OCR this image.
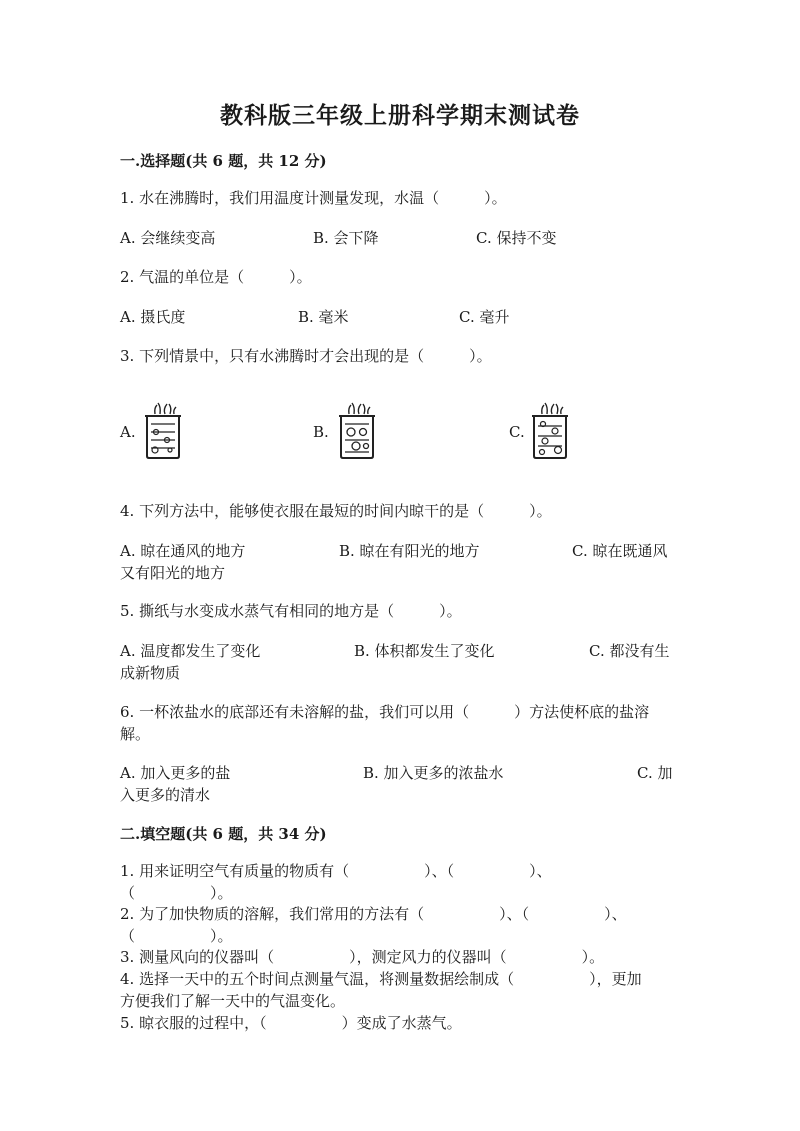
教科版三年级上册科学期末测试卷
一.选择题(共 6 题，共 12 分)
1. 水在沸腾时，我们用温度计测量发现，水温（　　　）。
A. 会继续变高	B. 会下降	C. 保持不变
2. 气温的单位是（　　　）。
A. 摄氏度	B. 毫米	C. 毫升
3. 下列情景中，只有水沸腾时才会出现的是（　　　）。
A.	B.	C.
4. 下列方法中，能够使衣服在最短的时间内晾干的是（　　　）。
A. 晾在通风的地方	B. 晾在有阳光的地方	C. 晾在既通风
又有阳光的地方
5. 撕纸与水变成水蒸气有相同的地方是（　　　）。
A. 温度都发生了变化	B. 体积都发生了变化	C. 都没有生
成新物质
6. 一杯浓盐水的底部还有未溶解的盐，我们可以用（　　　）方法使杯底的盐溶
解。
A. 加入更多的盐	B. 加入更多的浓盐水	C. 加
入更多的清水
二.填空题(共 6 题，共 34 分)
1. 用来证明空气有质量的物质有（　　　　　）、（　　　　　）、
（　　　　　）。
2. 为了加快物质的溶解，我们常用的方法有（　　　　　）、（　　　　　）、
（　　　　　）。
3. 测量风向的仪器叫（　　　　　），测定风力的仪器叫（　　　　　）。
4. 选择一天中的五个时间点测量气温，将测量数据绘制成（　　　　　），更加
方便我们了解一天中的气温变化。
5. 晾衣服的过程中，（　　　　　）变成了水蒸气。
